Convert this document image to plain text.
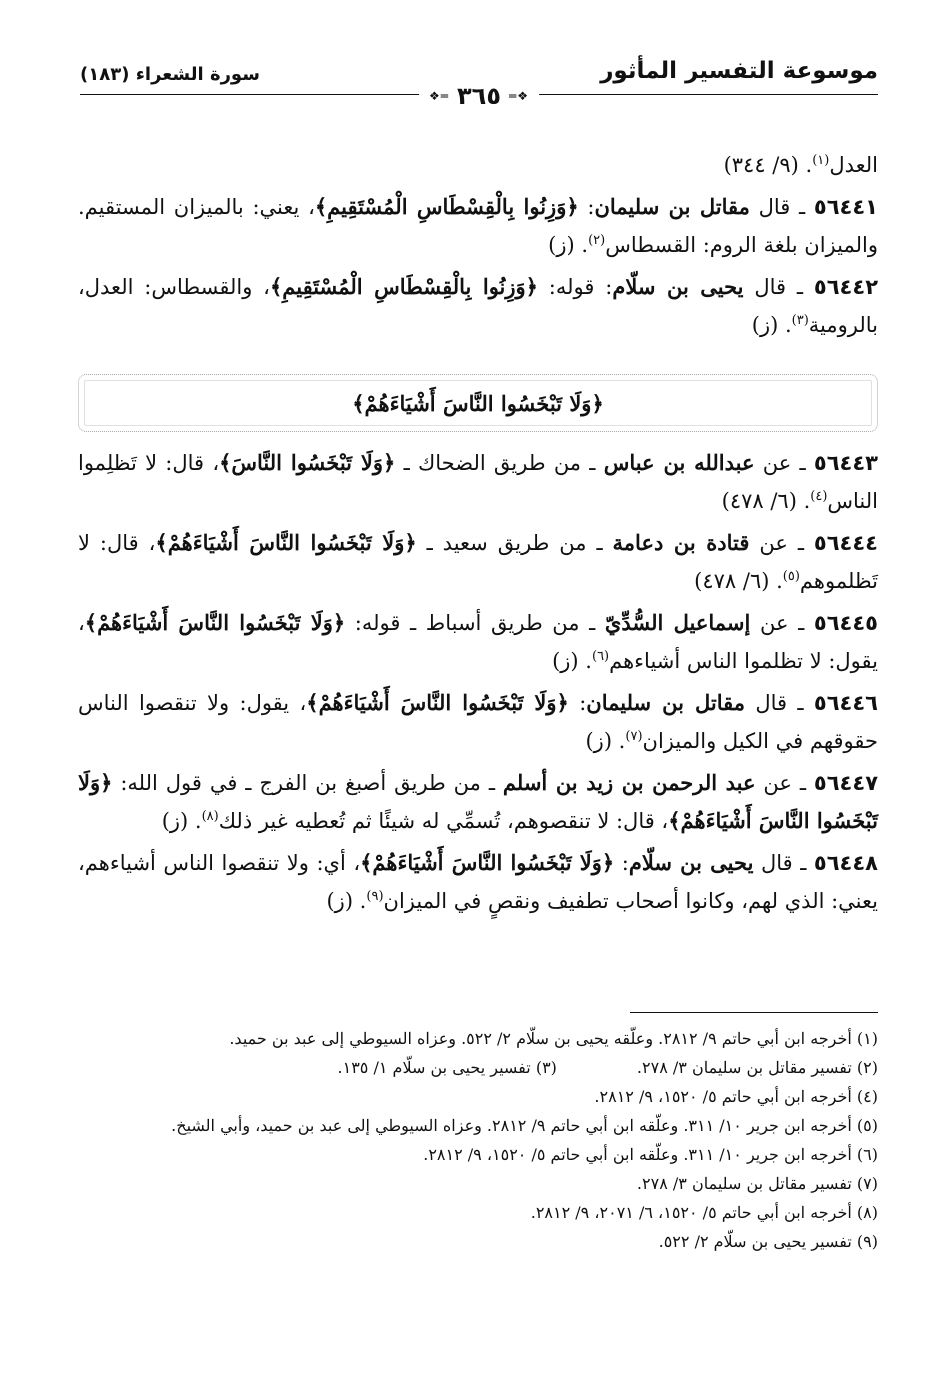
موسوعة التفسير المأثور
سورة الشعراء (١٨٣)
❖═ ٣٦٥ ═❖

العدل$^{(١)}$. (٩/ ٣٤٤)

٥٦٤٤١ ـ قال مقاتل بن سليمان: ﴿وَزِنُوا بِالْقِسْطَاسِ الْمُسْتَقِيمِ﴾، يعني: بالميزان المستقيم. والميزان بلغة الروم: القسطاس$^{(٢)}$. (ز)

٥٦٤٤٢ ـ قال يحيى بن سلّام: قوله: ﴿وَزِنُوا بِالْقِسْطَاسِ الْمُسْتَقِيمِ﴾، والقسطاس: العدل، بالرومية$^{(٣)}$. (ز)

﴿وَلَا تَبْخَسُوا النَّاسَ أَشْيَاءَهُمْ﴾

٥٦٤٤٣ ـ عن عبدالله بن عباس ـ من طريق الضحاك ـ ﴿وَلَا تَبْخَسُوا النَّاسَ﴾، قال: لا تَظلِموا الناس$^{(٤)}$. (٦/ ٤٧٨)

٥٦٤٤٤ ـ عن قتادة بن دعامة ـ من طريق سعيد ـ ﴿وَلَا تَبْخَسُوا النَّاسَ أَشْيَاءَهُمْ﴾، قال: لا تَظلموهم$^{(٥)}$. (٦/ ٤٧٨)

٥٦٤٤٥ ـ عن إسماعيل السُّدِّيّ ـ من طريق أسباط ـ قوله: ﴿وَلَا تَبْخَسُوا النَّاسَ أَشْيَاءَهُمْ﴾، يقول: لا تظلموا الناس أشياءهم$^{(٦)}$. (ز)

٥٦٤٤٦ ـ قال مقاتل بن سليمان: ﴿وَلَا تَبْخَسُوا النَّاسَ أَشْيَاءَهُمْ﴾، يقول: ولا تنقصوا الناس حقوقهم في الكيل والميزان$^{(٧)}$. (ز)

٥٦٤٤٧ ـ عن عبد الرحمن بن زيد بن أسلم ـ من طريق أصبغ بن الفرج ـ في قول الله: ﴿وَلَا تَبْخَسُوا النَّاسَ أَشْيَاءَهُمْ﴾، قال: لا تنقصوهم، تُسمِّي له شيئًا ثم تُعطيه غير ذلك$^{(٨)}$. (ز)

٥٦٤٤٨ ـ قال يحيى بن سلّام: ﴿وَلَا تَبْخَسُوا النَّاسَ أَشْيَاءَهُمْ﴾، أي: ولا تنقصوا الناس أشياءهم، يعني: الذي لهم، وكانوا أصحاب تطفيف ونقصٍ في الميزان$^{(٩)}$. (ز)

(١) أخرجه ابن أبي حاتم ٩/ ٢٨١٢. وعلّقه يحيى بن سلّام ٢/ ٥٢٢. وعزاه السيوطي إلى عبد بن حميد.

(٢) تفسير مقاتل بن سليمان ٣/ ٢٧٨.

(٣) تفسير يحيى بن سلّام ١/ ١٣٥.

(٤) أخرجه ابن أبي حاتم ٥/ ١٥٢٠، ٩/ ٢٨١٢.

(٥) أخرجه ابن جرير ١٠/ ٣١١. وعلّقه ابن أبي حاتم ٩/ ٢٨١٢. وعزاه السيوطي إلى عبد بن حميد، وأبي الشيخ.

(٦) أخرجه ابن جرير ١٠/ ٣١١. وعلّقه ابن أبي حاتم ٥/ ١٥٢٠، ٩/ ٢٨١٢.

(٧) تفسير مقاتل بن سليمان ٣/ ٢٧٨.

(٨) أخرجه ابن أبي حاتم ٥/ ١٥٢٠، ٦/ ٢٠٧١، ٩/ ٢٨١٢.

(٩) تفسير يحيى بن سلّام ٢/ ٥٢٢.
